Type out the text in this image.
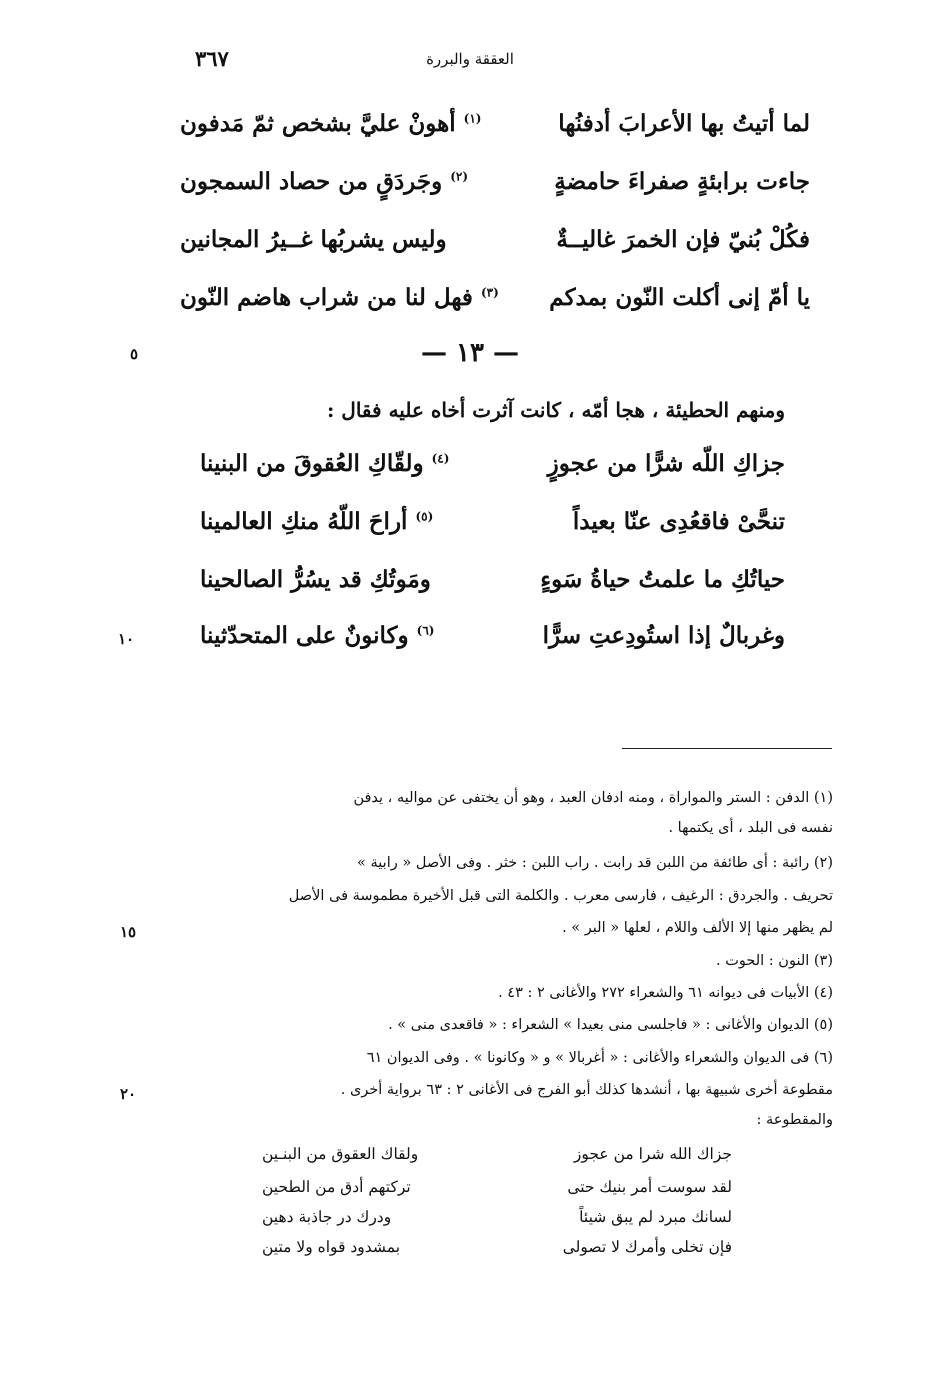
٣٦٧	العققة والبررة
لما أتيتُ بها الأعرابَ أدفنُها
$^{(١)}$ أهونْ عليَّ بشخص ثمّ مَدفون
جاءت برابئةٍ صفراءَ حامضةٍ
$^{(٢)}$ وجَردَقٍ من حصاد السمجون
فكُلْ بُنيّ فإن الخمرَ غاليــةٌ
وليس يشربُها غــيرُ المجانين
يا أمّ إنى أكلت النّون بمدكم
$^{(٣)}$ فهل لنا من شراب هاضم النّون
— ١٣ —
٥
ومنهم الحطيئة ، هجا أمّه ، كانت آثرت أخاه عليه فقال :
جزاكِ اللّه شرًّا من عجوزٍ
$^{(٤)}$ ولقّاكِ العُقوقَ من البنينا
تنحَّىْ فاقعُدِى عنّا بعيداً
$^{(٥)}$ أراحَ اللّهُ منكِ العالمينا
حياتُكِ ما علمتُ حياةُ سَوءٍ
ومَوتُكِ قد يسُرُّ الصالحينا
وغربالٌ إذا استُودِعتِ سرًّا
$^{(٦)}$ وكانونٌ على المتحدّثينا
١٠
(١) الدفن : الستر والمواراة ، ومنه ادفان العبد ، وهو أن يختفى عن مواليه ، يدفن
نفسه فى البلد ، أى يكتمها .
(٢) رائبة : أى طائفة من اللبن قد رابت . راب اللبن : خثر . وفى الأصل « رابية »
تحريف . والجردق : الرغيف ، فارسى معرب . والكلمة التى قبل الأخيرة مطموسة فى الأصل
لم يظهر منها إلا الألف واللام ، لعلها « البر » .
١٥
(٣) النون : الحوت .
(٤) الأبيات فى ديوانه ٦١ والشعراء ٢٧٢ والأغانى ٢ : ٤٣ .
(٥) الديوان والأغانى : « فاجلسى منى بعيدا » الشعراء : « فاقعدى منى » .
(٦) فى الديوان والشعراء والأغانى : « أغربالا » و « وكانونا » . وفى الديوان ٦١
مقطوعة أخرى شبيهة بها ، أنشدها كذلك أبو الفرج فى الأغانى ٢ : ٦٣ برواية أخرى .
٢٠
والمقطوعة :
جزاك الله شرا من عجوز
ولقاك العقوق من البنـين
لقد سوست أمر بنيك حتى
تركتهم أدق من الطحين
لسانك مبرد لم يبق شيئاً
ودرك در جاذبة دهين
فإن تخلى وأمرك لا تصولى
بمشدود قواه ولا متين
